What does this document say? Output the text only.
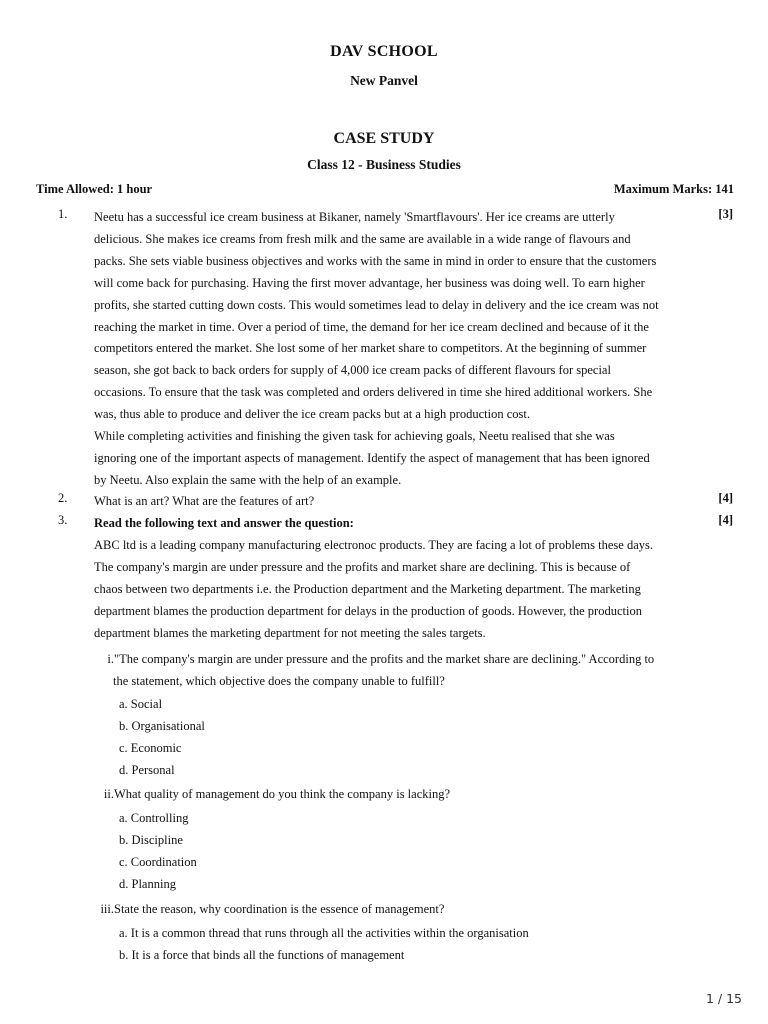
DAV SCHOOL
New Panvel
CASE STUDY
Class 12 - Business Studies
Time Allowed: 1 hour	Maximum Marks: 141
1.	[3]
Neetu has a successful ice cream business at Bikaner, namely 'Smartflavours'. Her ice creams are utterly
delicious. She makes ice creams from fresh milk and the same are available in a wide range of flavours and
packs. She sets viable business objectives and works with the same in mind in order to ensure that the customers
will come back for purchasing. Having the first mover advantage, her business was doing well. To earn higher
profits, she started cutting down costs. This would sometimes lead to delay in delivery and the ice cream was not
reaching the market in time. Over a period of time, the demand for her ice cream declined and because of it the
competitors entered the market. She lost some of her market share to competitors. At the beginning of summer
season, she got back to back orders for supply of 4,000 ice cream packs of different flavours for special
occasions. To ensure that the task was completed and orders delivered in time she hired additional workers. She
was, thus able to produce and deliver the ice cream packs but at a high production cost.
While completing activities and finishing the given task for achieving goals, Neetu realised that she was
ignoring one of the important aspects of management. Identify the aspect of management that has been ignored
by Neetu. Also explain the same with the help of an example.
2.	[4]
What is an art? What are the features of art?
3.	[4]
Read the following text and answer the question:
ABC ltd is a leading company manufacturing electronoc products. They are facing a lot of problems these days.
The company's margin are under pressure and the profits and market share are declining. This is because of
chaos between two departments i.e. the Production department and the Marketing department. The marketing
department blames the production department for delays in the production of goods. However, the production
department blames the marketing department for not meeting the sales targets.
i. "The company's margin are under pressure and the profits and the market share are declining." According to
the statement, which objective does the company unable to fulfill?
a. Social
b. Organisational
c. Economic
d. Personal
ii. What quality of management do you think the company is lacking?
a. Controlling
b. Discipline
c. Coordination
d. Planning
iii. State the reason, why coordination is the essence of management?
a. It is a common thread that runs through all the activities within the organisation
b. It is a force that binds all the functions of management
1 / 15
